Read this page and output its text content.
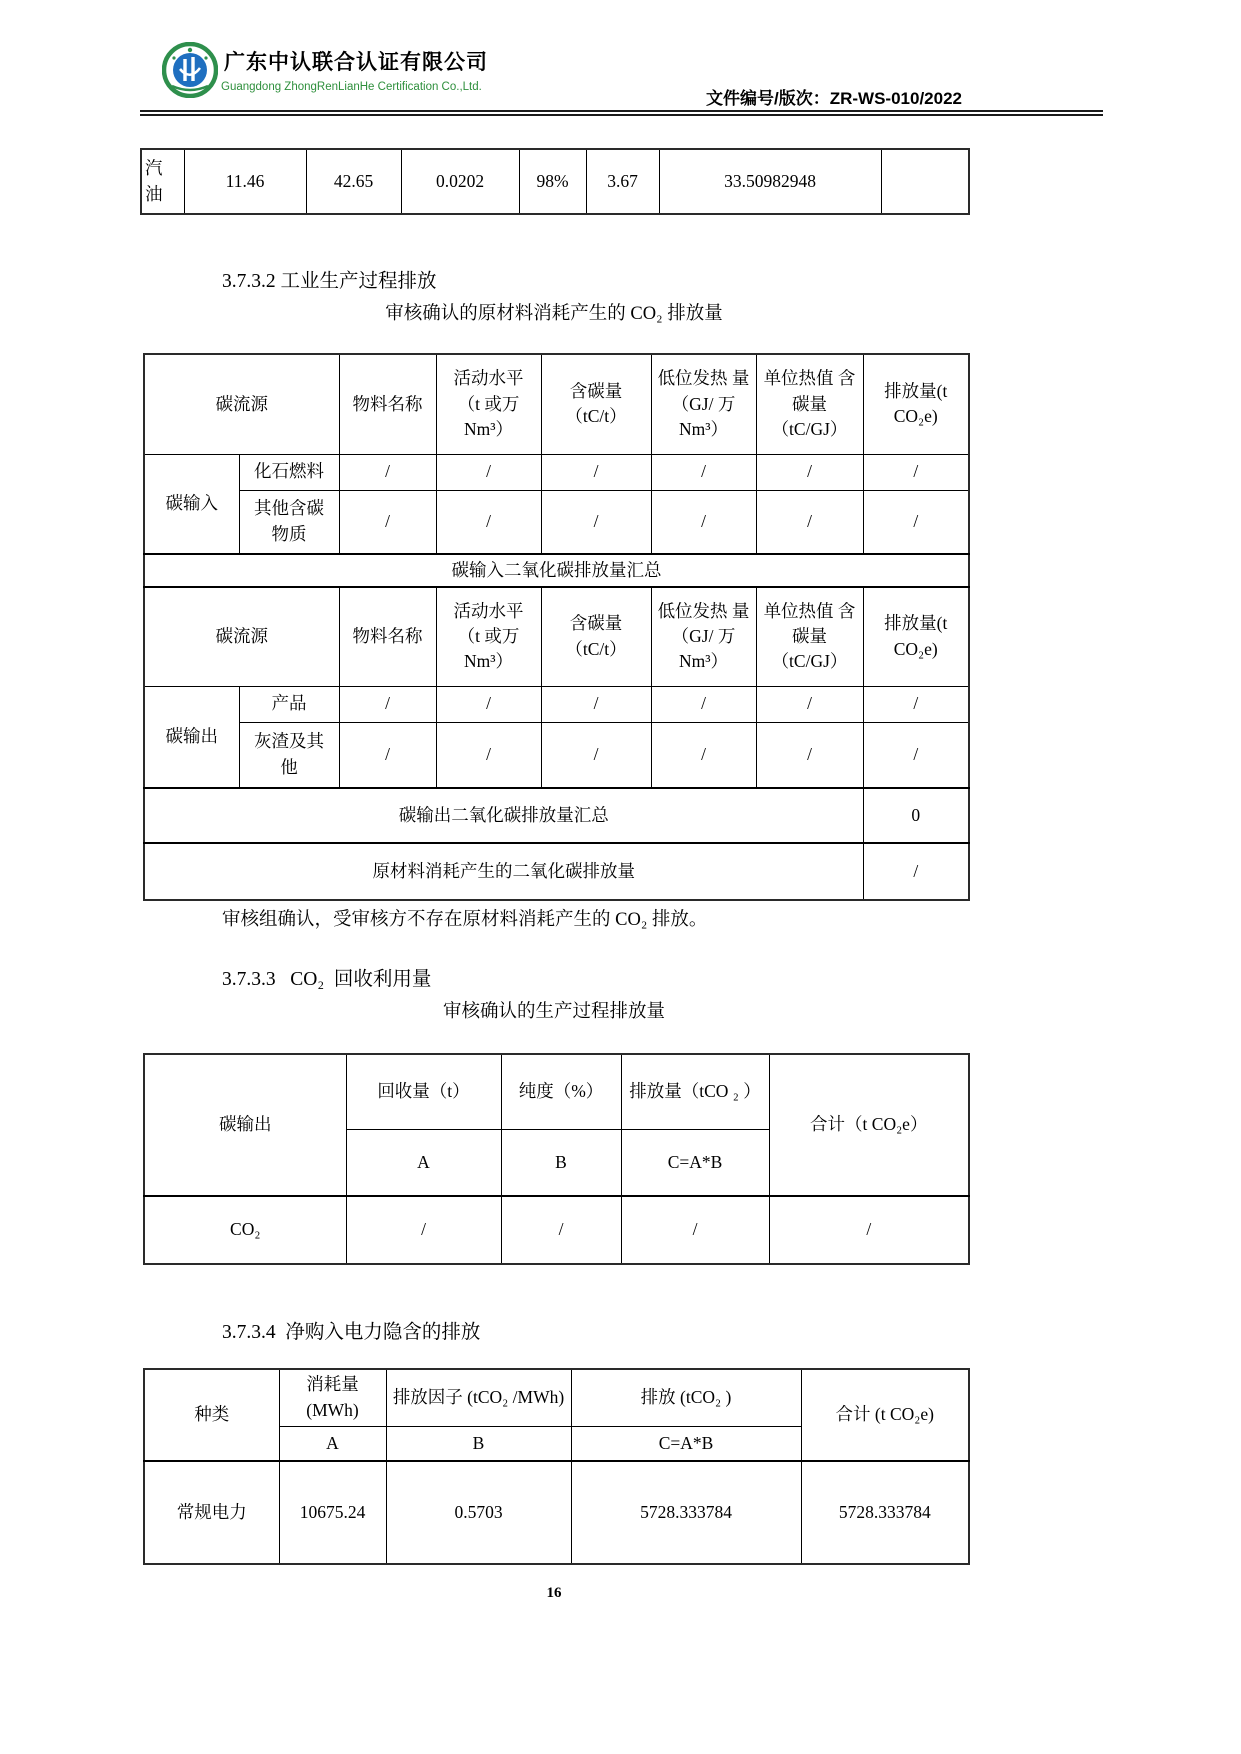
广东中认联合认证有限公司
Guangdong ZhongRenLianHe Certification Co.,Ltd.
文件编号/版次：ZR-WS-010/2022
汽油	11.46	42.65	0.0202	98%	3.67	33.50982948	
3.7.3.2 工业生产过程排放
审核确认的原材料消耗产生的 CO₂ 排放量
碳流源		物料名称	活动水平 （t 或万 Nm³）	含碳量 （tC/t）	低位发热 量（GJ/ 万 Nm³）	单位热值 含碳量 （tC/GJ）	排放量(t CO₂e)
碳输入	化石燃料	/	/	/	/	/	/
	其他含碳 物质	/	/	/	/	/	/
碳输入二氧化碳排放量汇总							
碳流源		物料名称	活动水平 （t 或万 Nm³）	含碳量 （tC/t）	低位发热 量（GJ/ 万 Nm³）	单位热值 含碳量 （tC/GJ）	排放量(t CO₂e)
碳输出	产品	/	/	/	/	/	/
	灰渣及其 他	/	/	/	/	/	/
碳输出二氧化碳排放量汇总							0
原材料消耗产生的二氧化碳排放量							/
审核组确认，受审核方不存在原材料消耗产生的 CO₂ 排放。
3.7.3.3   CO₂  回收利用量
审核确认的生产过程排放量
碳输出	回收量（t）	纯度（%）	排放量（tCO ₂ ）	合计（t CO₂e）
	A	B	C=A*B	
CO₂	/	/	/	/
3.7.3.4  净购入电力隐含的排放
种类	消耗量 (MWh)	排放因子 (tCO₂ /MWh)	排放 (tCO₂ )	合计 (t CO₂e)
	A	B	C=A*B	
常规电力	10675.24	0.5703	5728.333784	5728.333784
16
